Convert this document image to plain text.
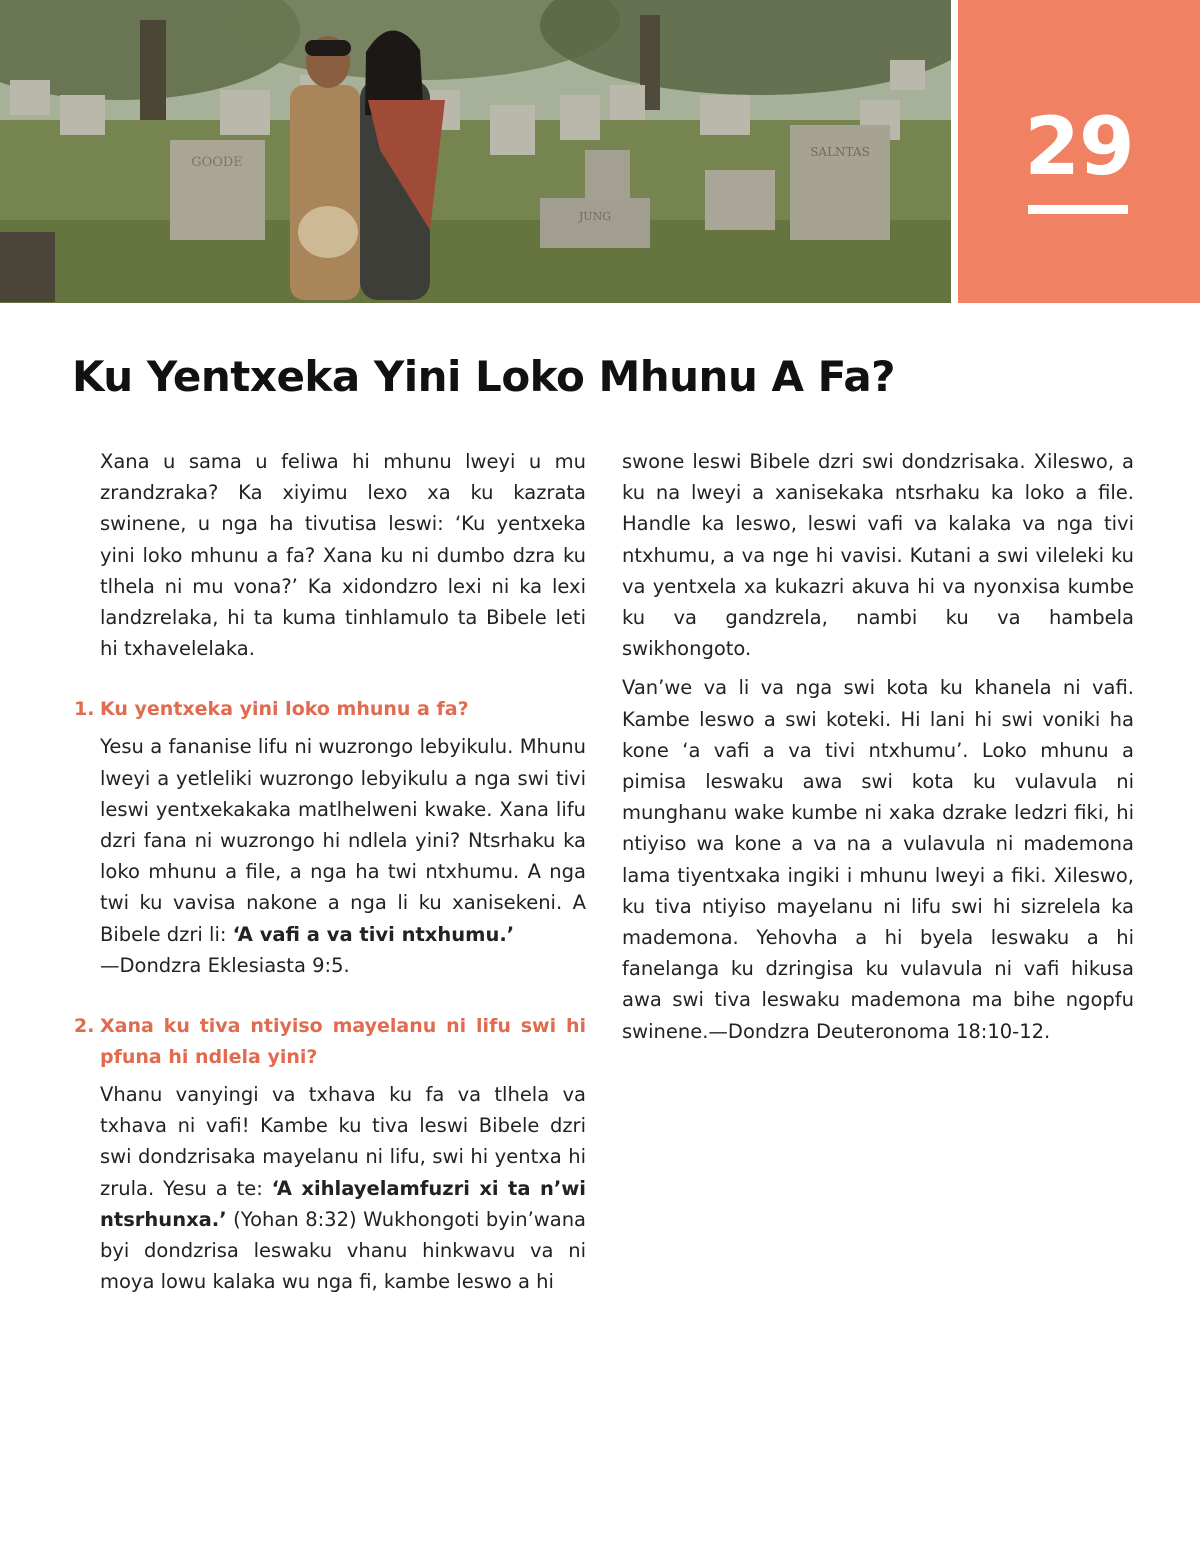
GOODE
JUNG
SALNTAS	29
Ku Yentxeka Yini Loko Mhunu A Fa?

Xana u sama u feliwa hi mhunu lweyi u mu zrandzraka? Ka xiyimu lexo xa ku kazrata swinene, u nga ha tivutisa leswi: ‘Ku yentxeka yini loko mhunu a fa? Xana ku ni dumbo dzra ku tlhela ni mu vona?’ Ka xidondzro lexi ni ka lexi landzrelaka, hi ta kuma tinhlamulo ta Bibele leti hi txhavelelaka.

1. Ku yentxeka yini loko mhunu a fa?

Yesu a fananise lifu ni wuzrongo lebyikulu. Mhunu lweyi a yetleliki wuzrongo lebyikulu a nga swi tivi leswi yentxekakaka matlhelweni kwake. Xana lifu dzri fana ni wuzrongo hi ndlela yini? Ntsrhaku ka loko mhunu a file, a nga ha twi ntxhumu. A nga twi ku vavisa nakone a nga li ku xanisekeni. A Bibele dzri li: ‘A vafi a va tivi ntxhumu.’
—Dondzra Eklesiasta 9:5.

2. Xana ku tiva ntiyiso mayelanu ni lifu swi hi pfuna hi ndlela yini?

Vhanu vanyingi va txhava ku fa va tlhela va txhava ni vafi! Kambe ku tiva leswi Bibele dzri swi dondzrisaka mayelanu ni lifu, swi hi yentxa hi zrula. Yesu a te: ‘A xihlayelamfuzri xi ta n’wi ntsrhunxa.’ (Yohan 8:32) Wukhongoti byin’wana byi dondzrisa leswaku vhanu hinkwavu va ni moya lowu kalaka wu nga fi, kambe leswo a hi

swone leswi Bibele dzri swi dondzrisaka. Xileswo, a ku na lweyi a xanisekaka ntsrhaku ka loko a file. Handle ka leswo, leswi vafi va kalaka va nga tivi ntxhumu, a va nge hi vavisi. Kutani a swi vileleki ku va yentxela xa kukazri akuva hi va nyonxisa kumbe ku va gandzrela, nambi ku va hambela swikhongoto.

Van’we va li va nga swi kota ku khanela ni vafi. Kambe leswo a swi koteki. Hi lani hi swi voniki ha kone ‘a vafi a va tivi ntxhumu’. Loko mhunu a pimisa leswaku awa swi kota ku vulavula ni munghanu wake kumbe ni xaka dzrake ledzri fiki, hi ntiyiso wa kone a va na a vulavula ni mademona lama tiyentxaka ingiki i mhunu lweyi a fiki. Xileswo, ku tiva ntiyiso mayelanu ni lifu swi hi sizrelela ka mademona. Yehovha a hi byela leswaku a hi fanelanga ku dzringisa ku vulavula ni vafi hikusa awa swi tiva leswaku mademona ma bihe ngopfu swinene.—Dondzra Deuteronoma 18:10-12.
